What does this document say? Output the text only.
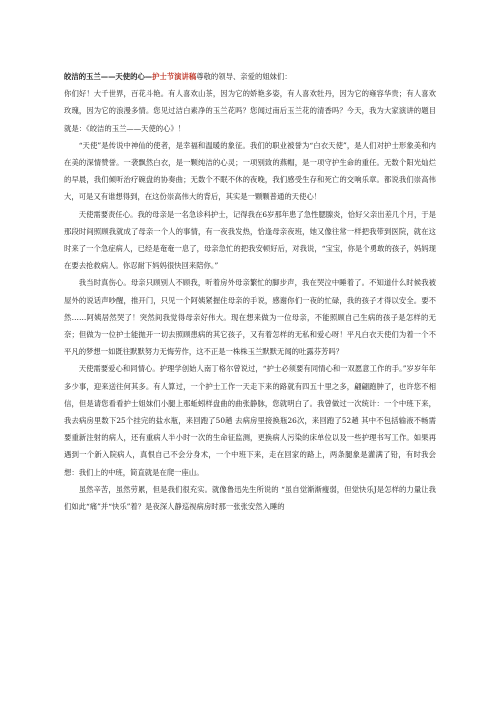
皎洁的玉兰——天使的心—护士节演讲稿尊敬的领导、亲爱的姐妹们：

你们好！大千世界，百花斗艳。有人喜欢山茶，因为它的娇艳多姿，有人喜欢牡丹，因为它的雍容华贵；有人喜欢玫瑰，因为它的浪漫多情。您见过洁白素净的玉兰花吗？您闻过南后玉兰花的清香吗？今天，我为大家演讲的题目就是：《皎洁的玉兰——天使的心》！

“天使”是传说中神仙的使者，是幸福和温暖的象征。我们的职业被誉为“白衣天使”，是人们对护士形象美和内在美的深情赞誉。一袭飘然白衣，是一颗纯洁的心灵；一项别致的燕帽，是一项守护生命的重任。无数个阳光灿烂的早晨，我们倾听治疗碗盘的协奏曲；无数个不眠不休的夜晚，我们感受生存和死亡的交响乐章。都说我们崇高伟大，可是又有谁想得到，在这份崇高伟大的背后，其实是一颗颗普通的天使心！

天使需要责任心。我的母亲是一名急诊科护士，记得我在6岁那年患了急性腮腺炎，恰好父亲出差几个月，于是那段时间照顾我就成了母亲一个人的事情，有一夜我发热，恰逢母亲夜班，她又像往常一样把我带到医院，就在这时来了一个急症病人，已经是奄奄一息了，母亲急忙的把我安顿好后，对我说，“宝宝，你是个勇敢的孩子，妈妈现在要去抢救病人。你忍耐下妈妈很快回来陪你。”

我当时真伤心。母亲只顾别人不顾我，听着房外母亲繁忙的脚步声，我在哭泣中睡着了。不知道什么时候我被屋外的说话声吵醒，推开门，只见一个阿姨紧握住母亲的手说，感谢你们一夜的忙碌，我的孩子才得以安全。要不然……阿姨居然哭了！突然间我觉得母亲好伟大。现在想来做为一位母亲，不能照顾自己生病的孩子是怎样的无奈；但做为一位护士能抛开一切去照顾患病的其它孩子，又有着怎样的无私和爱心呀！平凡白衣天使们为着一个不平凡的梦想一如既往默默努力无悔劳作，这不正是一株株玉兰默默无闻的吐露芬芳吗？

天使需要爱心和同情心。护理学创始人南丁格尔曾说过，“护士必须要有同情心和一双愿意工作的手。”岁岁年年多少事，迎来送往何其多。有人算过，一个护士工作一天走下来的路就有四五十里之多，翩翩跑肿了，也许您不相信，但是请您看看护士姐妹们小腿上那蚯蚓样盘曲的曲张静脉，您就明白了。我曾做过一次统计：一个中班下来，我去病房里数下25个挂完的盐水瓶，来回跑了50趟 去病房里接换瓶26次，来回跑了52趟 其中不包括输液不畅需要重新注射的病人，还有重病人半小时一次的生命征监测，更换病人污染的床单位以及一些护理书写工作。如果再遇到一个新入院病人，真恨自己不会分身术，一个中班下来，走在回家的路上，两条腿象是灌满了铅，有时我会想：我们上的中班，简直就是在爬一座山。

虽然辛苦，虽然劳累，但是我们很充实。就像鲁迅先生所说的 “虽自觉渐渐瘦弱，但觉快乐J是怎样的力量让我们如此“痛”并“快乐”着？是夜深人静巡视病房时那一张张安然入睡的
